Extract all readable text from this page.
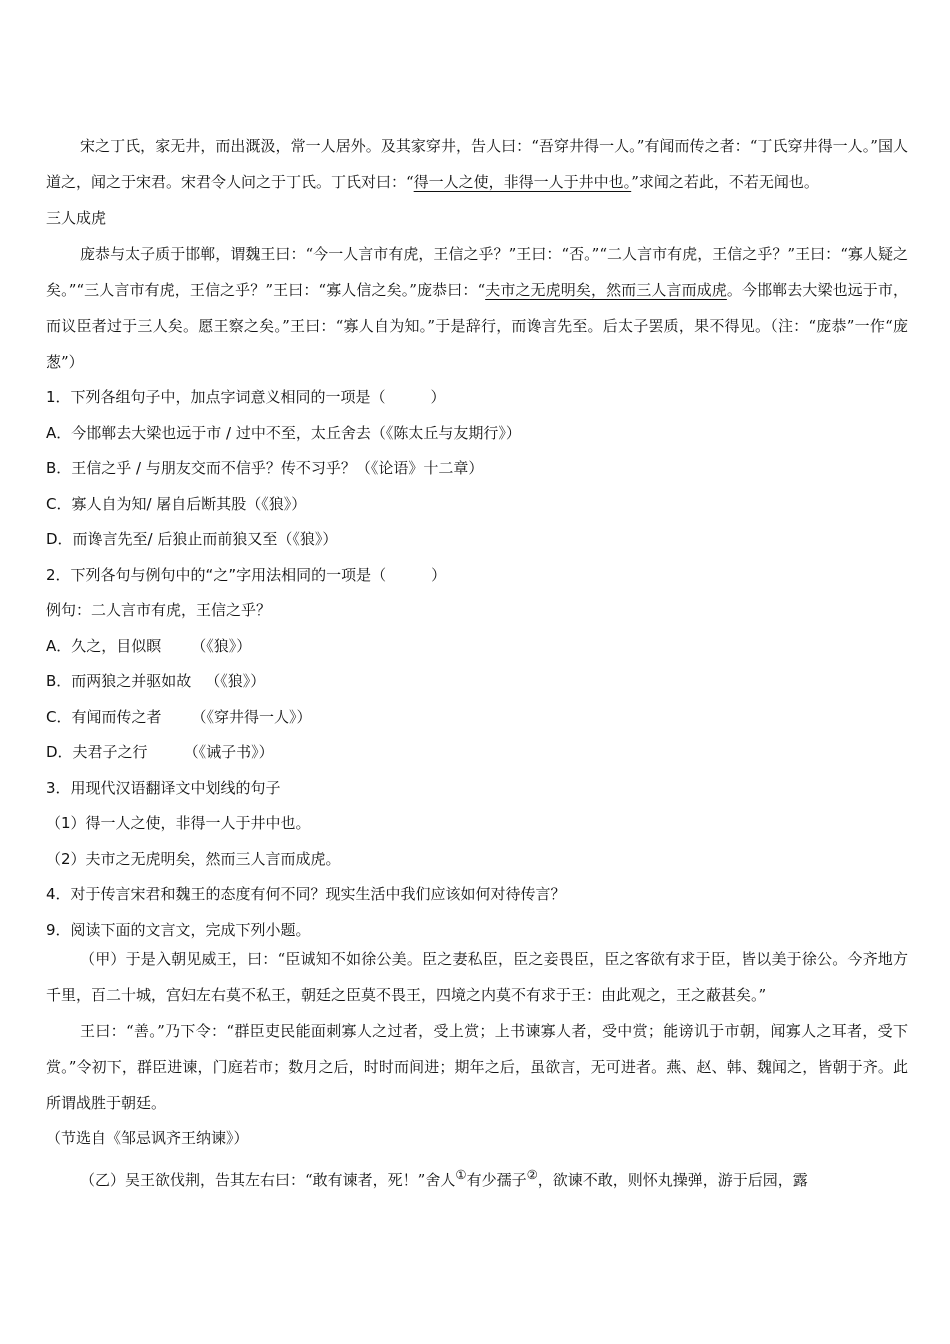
宋之丁氏，家无井，而出溉汲，常一人居外。及其家穿井，告人曰：“吾穿井得一人。”有闻而传之者：“丁氏穿井得一人。”国人道之，闻之于宋君。宋君令人问之于丁氏。丁氏对曰：“得一人之使，非得一人于井中也。”求闻之若此，不若无闻也。

三人成虎

庞恭与太子质于邯郸，谓魏王曰：“今一人言市有虎，王信之乎？”王曰：“否。”“二人言市有虎，王信之乎？”王曰：“寡人疑之矣。”“三人言市有虎，王信之乎？”王曰：“寡人信之矣。”庞恭曰：“夫市之无虎明矣，然而三人言而成虎。今邯郸去大梁也远于市，而议臣者过于三人矣。愿王察之矣。”王曰：“寡人自为知。”于是辞行，而谗言先至。后太子罢质，果不得见。（注：“庞恭”一作“庞葱”）

1．下列各组句子中，加点字词意义相同的一项是（　　　）

A．今邯郸去大梁也远于市 / 过中不至，太丘舍去（《陈太丘与友期行》）

B．王信之乎 / 与朋友交而不信乎？传不习乎？（《论语》十二章）

C．寡人自为知/ 屠自后断其股（《狼》）

D．而谗言先至/ 后狼止而前狼又至（《狼》）

2．下列各句与例句中的“之”字用法相同的一项是（　　　）

例句：二人言市有虎，王信之乎？

A．久之，目似瞑 （《狼》）

B．而两狼之并驱如故 （《狼》）

C．有闻而传之者 （《穿井得一人》）

D．夫君子之行 （《诫子书》）

3．用现代汉语翻译文中划线的句子

（1）得一人之使，非得一人于井中也。

（2）夫市之无虎明矣，然而三人言而成虎。

4．对于传言宋君和魏王的态度有何不同？现实生活中我们应该如何对待传言？

9．阅读下面的文言文，完成下列小题。

（甲）于是入朝见威王，曰：“臣诚知不如徐公美。臣之妻私臣，臣之妾畏臣，臣之客欲有求于臣，皆以美于徐公。今齐地方千里，百二十城，宫妇左右莫不私王，朝廷之臣莫不畏王，四境之内莫不有求于王：由此观之，王之蔽甚矣。”

王曰：“善。”乃下令：“群臣吏民能面刺寡人之过者，受上赏；上书谏寡人者，受中赏；能谤讥于市朝，闻寡人之耳者，受下赏。”令初下，群臣进谏，门庭若市；数月之后，时时而间进；期年之后，虽欲言，无可进者。燕、赵、韩、魏闻之，皆朝于齐。此所谓战胜于朝廷。

（节选自《邹忌讽齐王纳谏》）

（乙）吴王欲伐荆，告其左右曰：“敢有谏者，死！”舍人①有少孺子②，欲谏不敢，则怀丸操弹，游于后园，露
